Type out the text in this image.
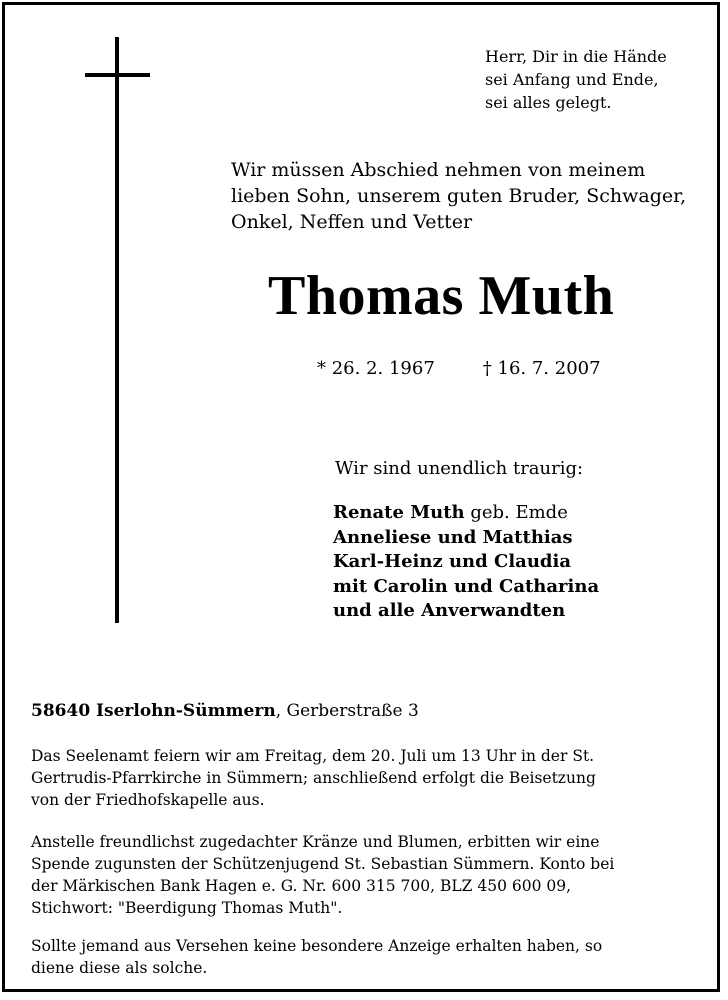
Herr, Dir in die Hände
sei Anfang und Ende,
sei alles gelegt.
Wir müssen Abschied nehmen von meinem
lieben Sohn, unserem guten Bruder, Schwager,
Onkel, Neffen und Vetter
Thomas Muth
* 26. 2. 1967	† 16. 7. 2007
Wir sind unendlich traurig:
Renate Muth geb. Emde
Anneliese und Matthias
Karl-Heinz und Claudia
mit Carolin und Catharina
und alle Anverwandten
58640 Iserlohn-Sümmern, Gerberstraße 3
Das Seelenamt feiern wir am Freitag, dem 20. Juli um 13 Uhr in der St.
Gertrudis-Pfarrkirche in Sümmern; anschließend erfolgt die Beisetzung
von der Friedhofskapelle aus.
Anstelle freundlichst zugedachter Kränze und Blumen, erbitten wir eine
Spende zugunsten der Schützenjugend St. Sebastian Sümmern. Konto bei
der Märkischen Bank Hagen e. G. Nr. 600 315 700, BLZ 450 600 09,
Stichwort: "Beerdigung Thomas Muth".
Sollte jemand aus Versehen keine besondere Anzeige erhalten haben, so
diene diese als solche.
